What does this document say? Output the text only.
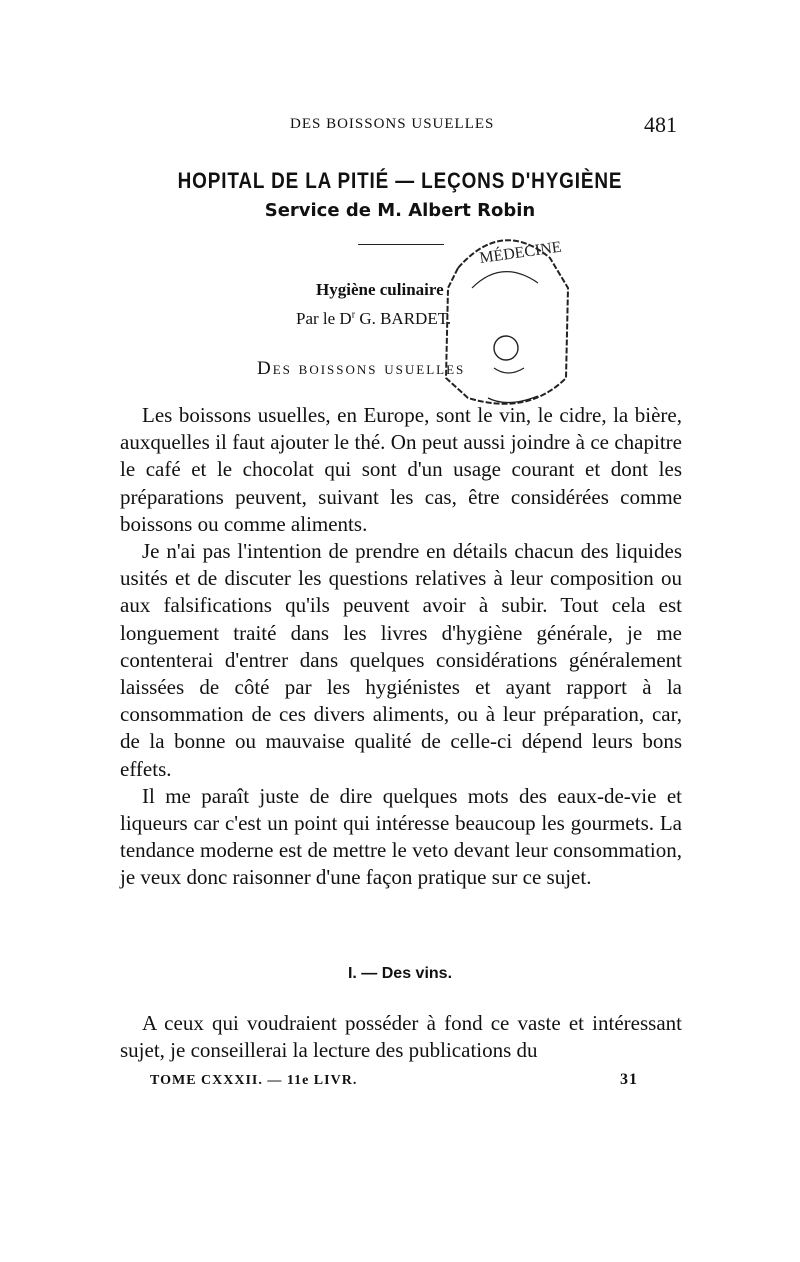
DES BOISSONS USUELLES	481
HOPITAL DE LA PITIÉ — LEÇONS D'HYGIÈNE
Service de M. Albert Robin
Hygiène culinaire
Par le $D^r$ G. BARDET.
Des boissons usuelles
MÉDECINE

Les boissons usuelles, en Europe, sont le vin, le cidre, la bière, auxquelles il faut ajouter le thé. On peut aussi joindre à ce chapitre le café et le chocolat qui sont d'un usage courant et dont les préparations peuvent, suivant les cas, être considérées comme boissons ou comme aliments.

Je n'ai pas l'intention de prendre en détails chacun des liquides usités et de discuter les questions relatives à leur composition ou aux falsifications qu'ils peuvent avoir à subir. Tout cela est longuement traité dans les livres d'hygiène générale, je me contenterai d'entrer dans quelques considérations généralement laissées de côté par les hygiénistes et ayant rapport à la consommation de ces divers aliments, ou à leur préparation, car, de la bonne ou mauvaise qualité de celle-ci dépend leurs bons effets.

Il me paraît juste de dire quelques mots des eaux-de-vie et liqueurs car c'est un point qui intéresse beaucoup les gourmets. La tendance moderne est de mettre le veto devant leur consommation, je veux donc raisonner d'une façon pratique sur ce sujet.

I. — Des vins.

A ceux qui voudraient posséder à fond ce vaste et intéressant sujet, je conseillerai la lecture des publications du

TOME CXXXII. — 11e LIVR.	31
